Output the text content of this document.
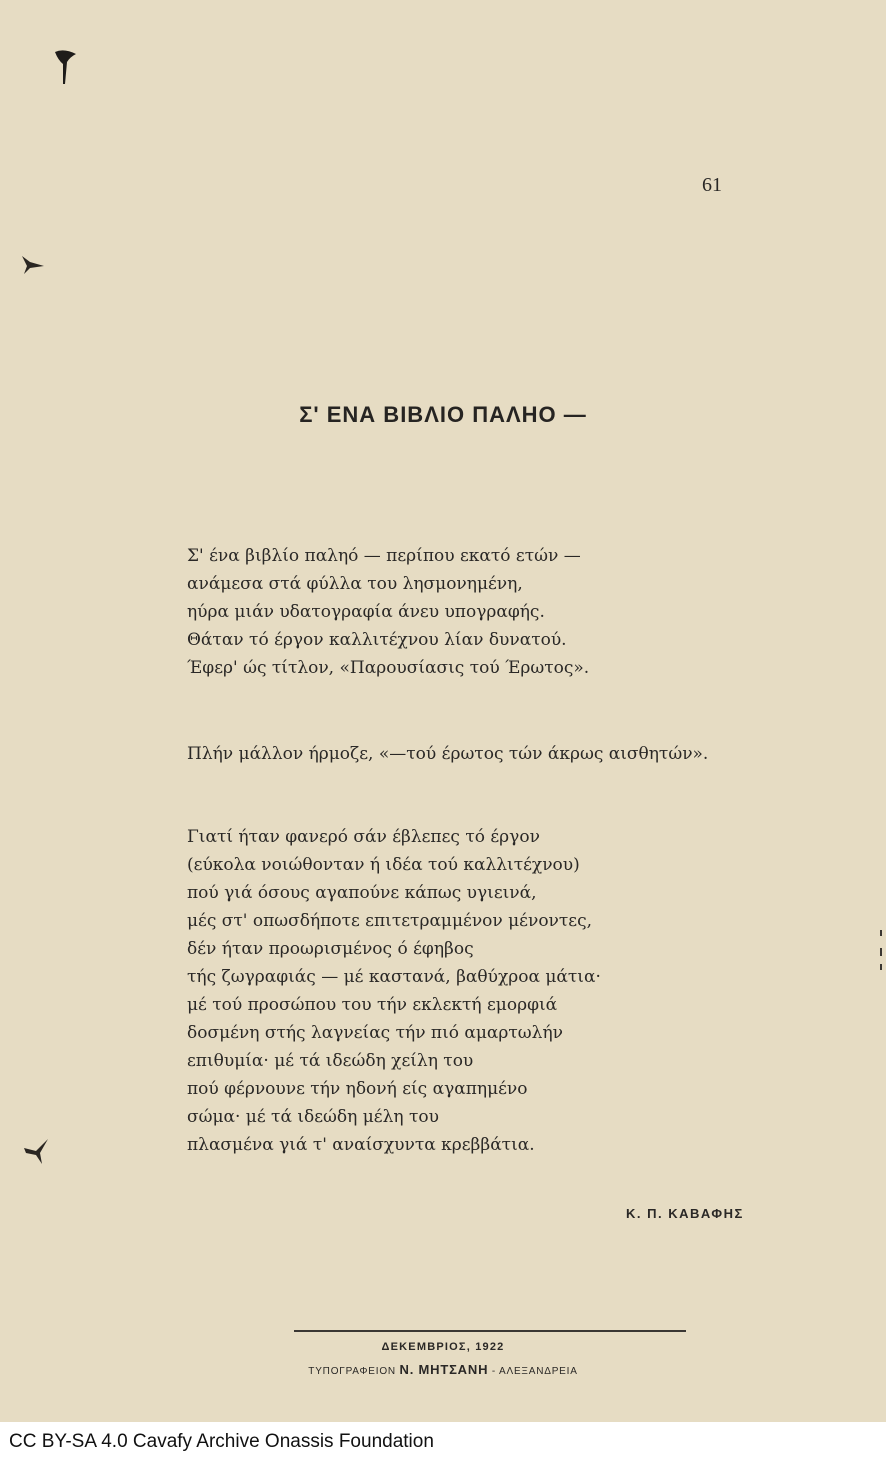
61
Σ' ΕΝΑ ΒΙΒΛΙΟ ΠΑΛΗΟ —
Σ' ένα βιβλίο παληό — περίπου εκατό ετών —
ανάμεσα στά φύλλα του λησμονημένη,
ηύρα μιάν υδατογραφία άνευ υπογραφής.
Θάταν τό έργον καλλιτέχνου λίαν δυνατού.
Έφερ' ώς τίτλον, «Παρουσίασις τού Έρωτος».
Πλήν μάλλον ήρμοζε, «—τού έρωτος τών άκρως αισθητών».
Γιατί ήταν φανερό σάν έβλεπες τό έργον
(εύκολα νοιώθονταν ή ιδέα τού καλλιτέχνου)
πού γιά όσους αγαπούνε κάπως υγιεινά,
μές στ' οπωσδήποτε επιτετραμμένον μένοντες,
δέν ήταν προωρισμένος ό έφηβος
τής ζωγραφιάς — μέ καστανά, βαθύχροα μάτια·
μέ τού προσώπου του τήν εκλεκτή εμορφιά
δοσμένη στής λαγνείας τήν πιό αμαρτωλήν
επιθυμία· μέ τά ιδεώδη χείλη του
πού φέρνουνε τήν ηδονή είς αγαπημένο
σώμα· μέ τά ιδεώδη μέλη του
πλασμένα γιά τ' αναίσχυντα κρεββάτια.
Κ. Π. ΚΑΒΑΦΗΣ
ΔΕΚΕΜΒΡΙΟΣ, 1922
ΤΥΠΟΓΡΑΦΕΙΟΝ Ν. ΜΗΤΣΑΝΗ - ΑΛΕΞΑΝΔΡΕΙΑ
CC BY-SA 4.0 Cavafy Archive Onassis Foundation
